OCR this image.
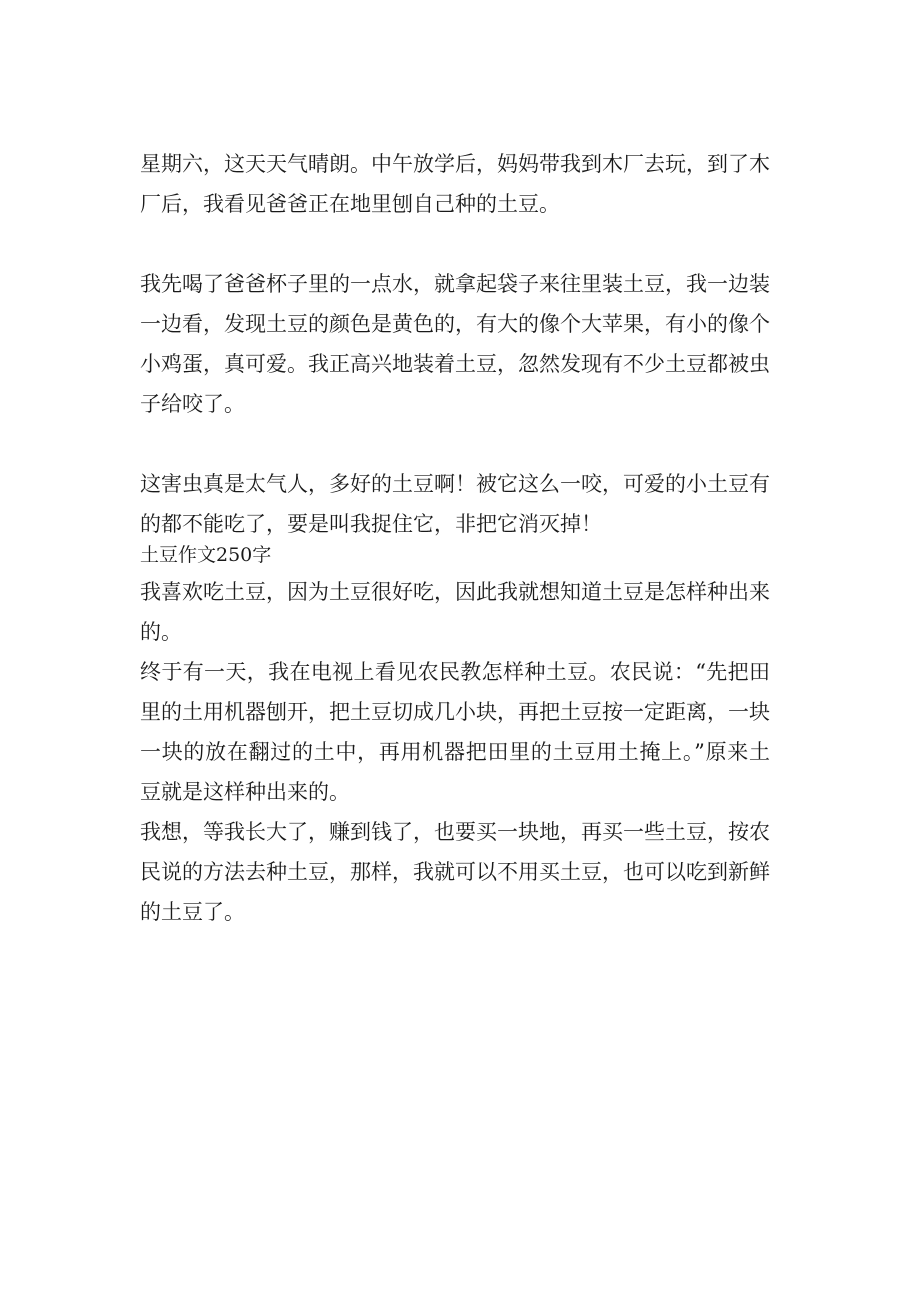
星期六，这天天气晴朗。中午放学后，妈妈带我到木厂去玩，到了木厂后，我看见爸爸正在地里刨自己种的土豆。

我先喝了爸爸杯子里的一点水，就拿起袋子来往里装土豆，我一边装一边看，发现土豆的颜色是黄色的，有大的像个大苹果，有小的像个小鸡蛋，真可爱。我正高兴地装着土豆，忽然发现有不少土豆都被虫子给咬了。

这害虫真是太气人，多好的土豆啊！被它这么一咬，可爱的小土豆有的都不能吃了，要是叫我捉住它，非把它消灭掉！

土豆作文250字

我喜欢吃土豆，因为土豆很好吃，因此我就想知道土豆是怎样种出来的。

终于有一天，我在电视上看见农民教怎样种土豆。农民说：“先把田里的土用机器刨开，把土豆切成几小块，再把土豆按一定距离，一块一块的放在翻过的土中，再用机器把田里的土豆用土掩上。”原来土豆就是这样种出来的。

我想，等我长大了，赚到钱了，也要买一块地，再买一些土豆，按农民说的方法去种土豆，那样，我就可以不用买土豆，也可以吃到新鲜的土豆了。
